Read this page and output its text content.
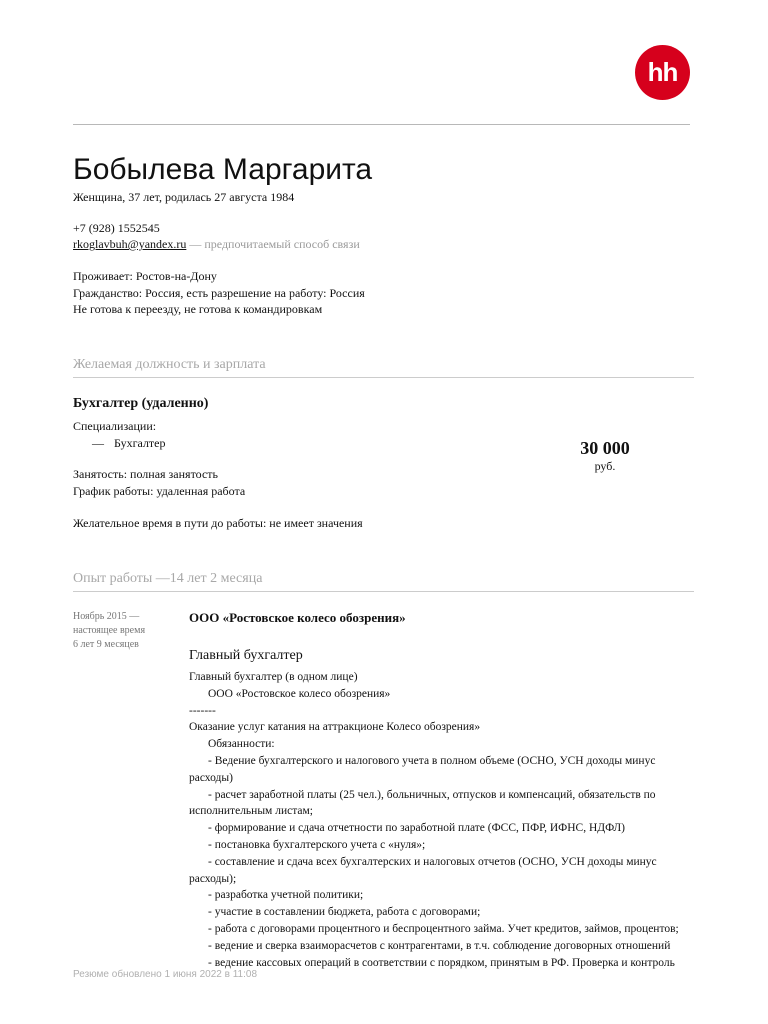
hh
Бобылева Маргарита
Женщина, 37 лет, родилась 27 августа 1984
+7 (928) 1552545
rkoglavbuh@yandex.ru — предпочитаемый способ связи
Проживает: Ростов-на-Дону
Гражданство: Россия, есть разрешение на работу: Россия
Не готова к переезду, не готова к командировкам
Желаемая должность и зарплата
Бухгалтер (удаленно)
Специализации:
— Бухгалтер	30 000
руб.
Занятость: полная занятость
График работы: удаленная работа
Желательное время в пути до работы: не имеет значения
Опыт работы —14 лет 2 месяца
Ноябрь 2015 —
настоящее время
6 лет 9 месяцев
ООО «Ростовское колесо обозрения»
Главный бухгалтер

Главный бухгалтер (в одном лице)

ООО «Ростовское колесо обозрения»

-------

Оказание услуг катания на аттракционе Колесо обозрения»

Обязанности:

- Ведение бухгалтерского и налогового учета в полном объеме (ОСНО, УСН доходы минус расходы)

- расчет заработной платы (25 чел.), больничных, отпусков и компенсаций, обязательств по исполнительным листам;

- формирование и сдача отчетности по заработной плате (ФСС, ПФР, ИФНС, НДФЛ)

- постановка бухгалтерского учета с «нуля»;

- составление и сдача всех бухгалтерских и налоговых отчетов (ОСНО, УСН доходы минус расходы);

- разработка учетной политики;

- участие в составлении бюджета, работа с договорами;

- работа с договорами процентного и беспроцентного займа. Учет кредитов, займов, процентов;

- ведение и сверка взаиморасчетов с контрагентами, в т.ч. соблюдение договорных отношений

- ведение кассовых операций в соответствии с порядком, принятым в РФ. Проверка и контроль

Резюме обновлено 1 июня 2022 в 11:08
